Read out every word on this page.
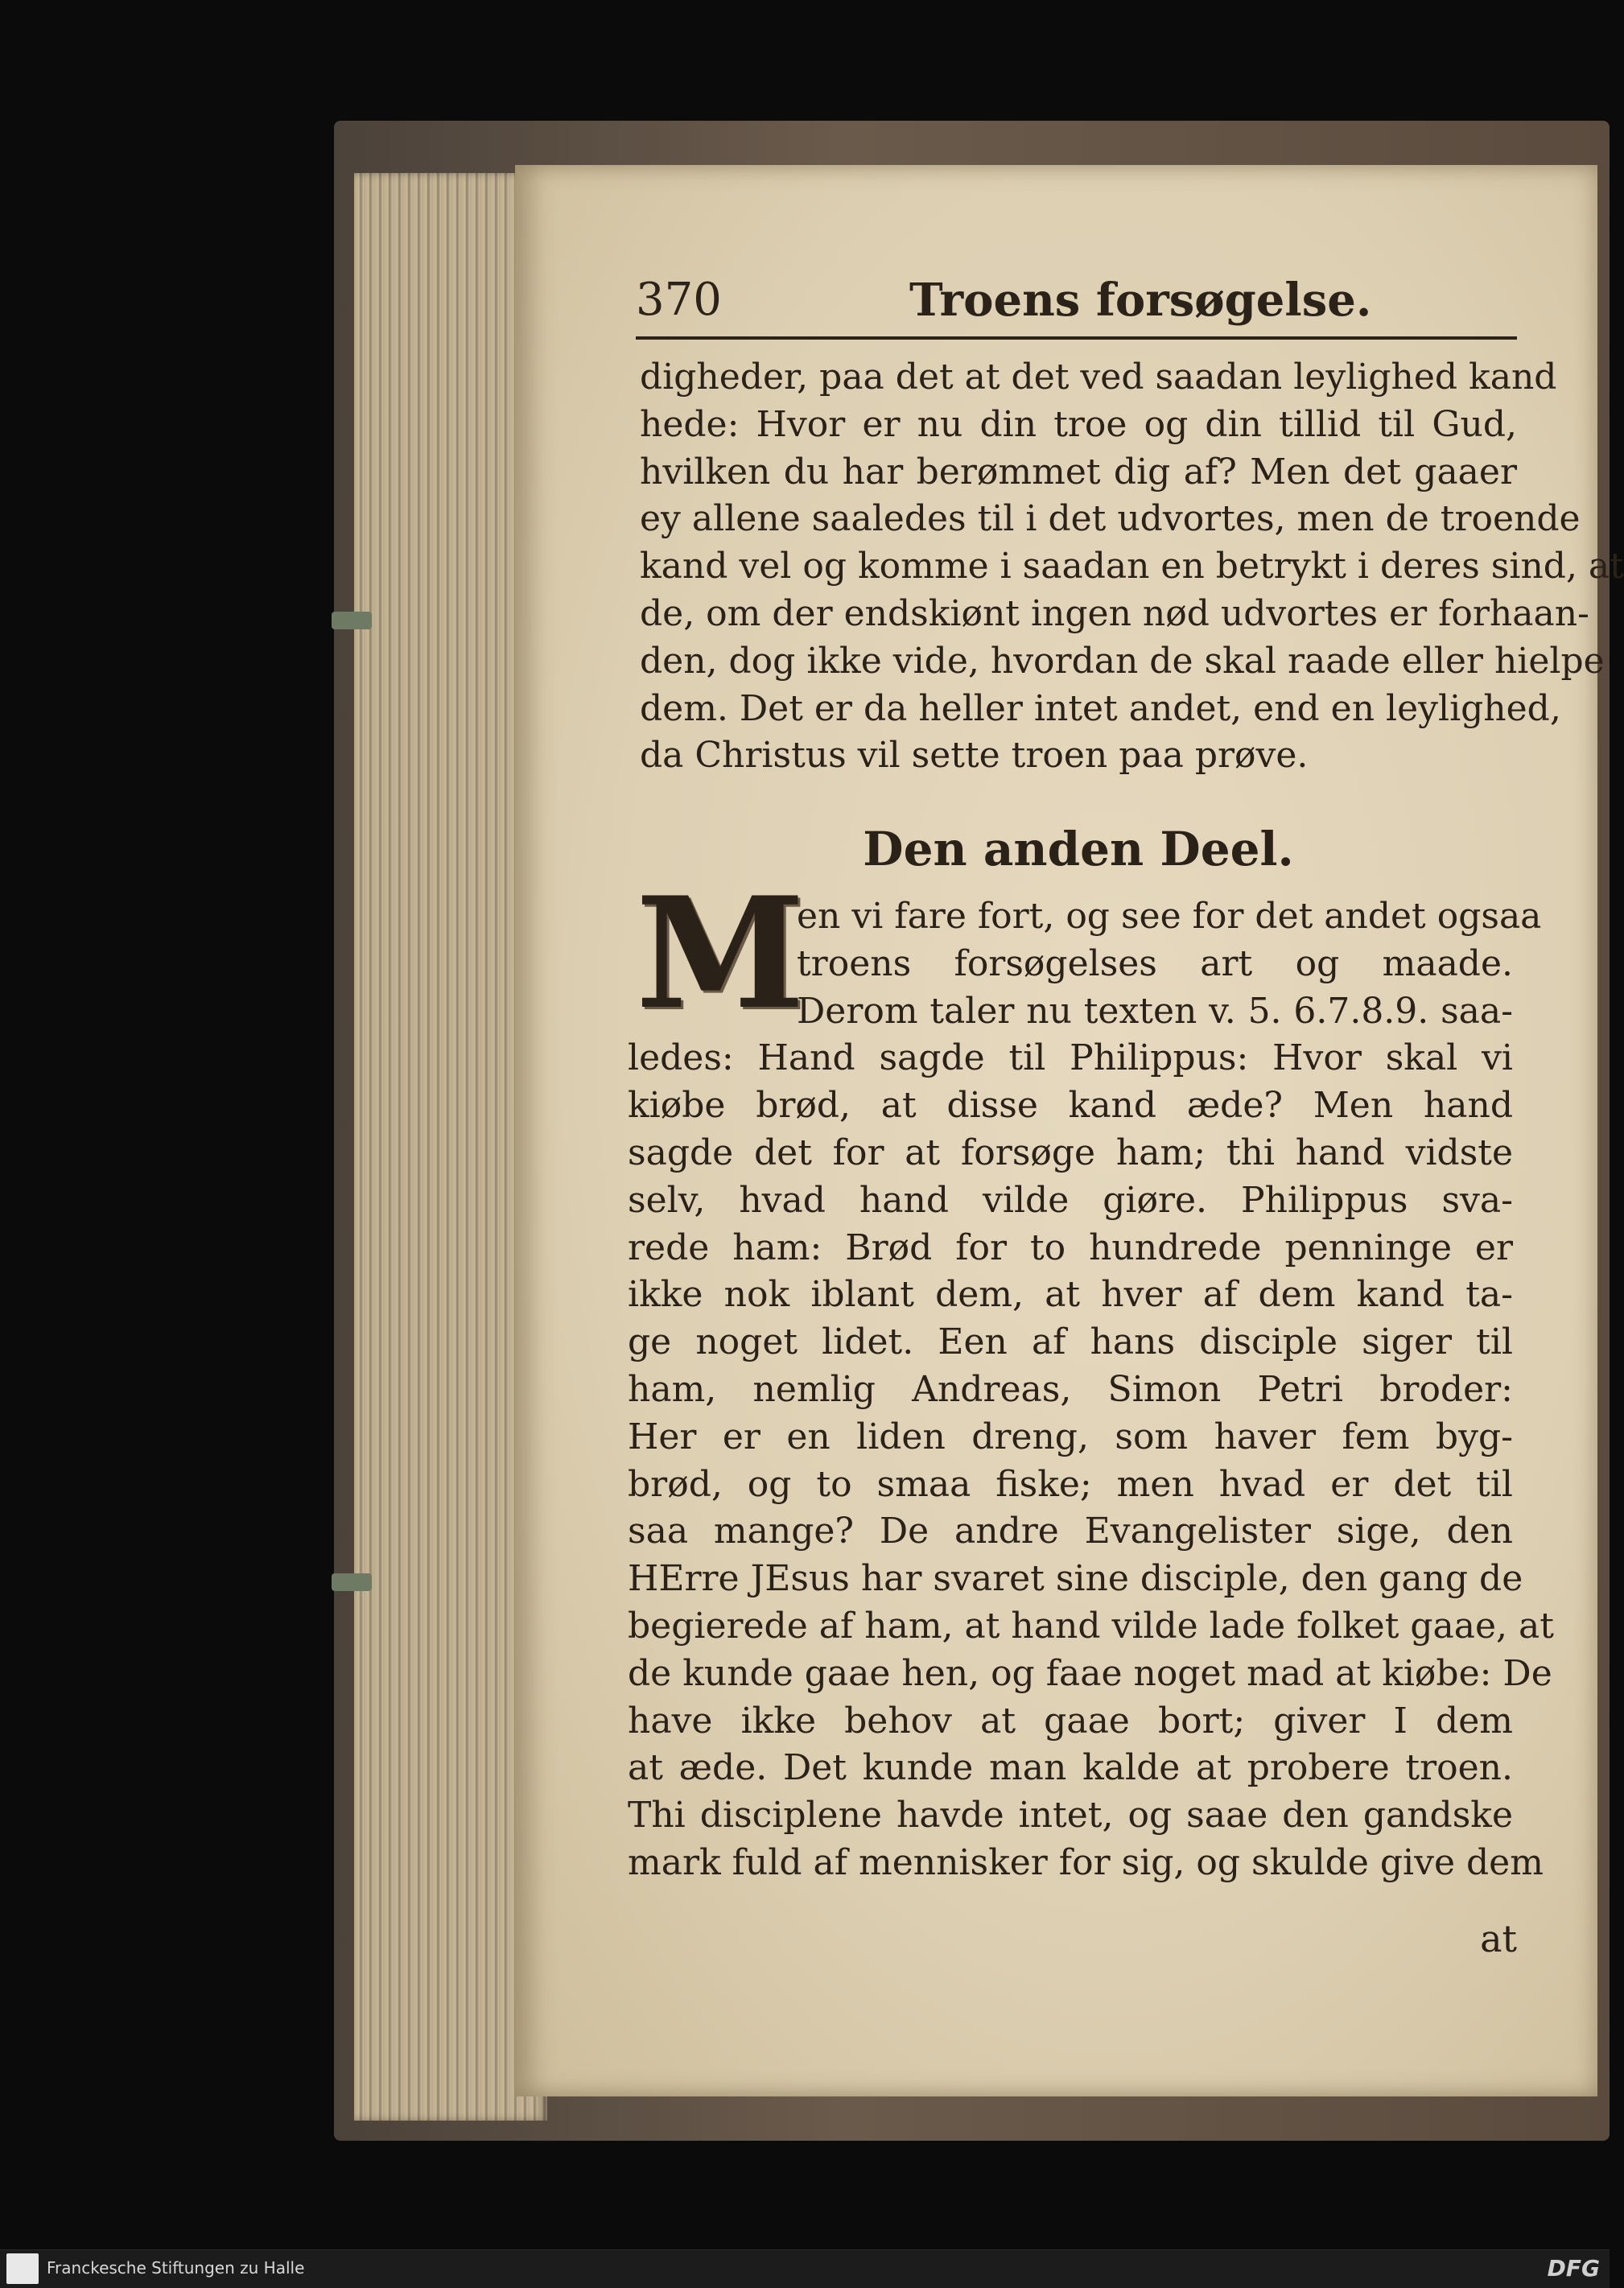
370	Troens forsøgelse.
digheder, paa det at det ved saadan leylighed kand
hede: Hvor er nu din troe og din tillid til Gud,
hvilken du har berømmet dig af? Men det gaaer
ey allene saaledes til i det udvortes, men de troende
kand vel og komme i saadan en betrykt i deres sind, at
de, om der endskiønt ingen nød udvortes er forhaan-
den, dog ikke vide, hvordan de skal raade eller hielpe
dem. Det er da heller intet andet, end en leylighed,
da Christus vil sette troen paa prøve.
Den anden Deel.
M
en vi fare fort, og see for det andet ogsaa
troens forsøgelses art og maade.
Derom taler nu texten v. 5. 6.7.8.9. saa-
ledes: Hand sagde til Philippus: Hvor skal vi
kiøbe brød, at disse kand æde? Men hand
sagde det for at forsøge ham; thi hand vidste
selv, hvad hand vilde giøre. Philippus sva-
rede ham: Brød for to hundrede penninge er
ikke nok iblant dem, at hver af dem kand ta-
ge noget lidet. Een af hans disciple siger til
ham, nemlig Andreas, Simon Petri broder:
Her er en liden dreng, som haver fem byg-
brød, og to smaa fiske; men hvad er det til
saa mange? De andre Evangelister sige, den
HErre JEsus har svaret sine disciple, den gang de
begierede af ham, at hand vilde lade folket gaae, at
de kunde gaae hen, og faae noget mad at kiøbe: De
have ikke behov at gaae bort; giver I dem
at æde. Det kunde man kalde at probere troen.
Thi disciplene havde intet, og saae den gandske
mark fuld af mennisker for sig, og skulde give dem
at
Franckesche Stiftungen zu Halle	DFG
